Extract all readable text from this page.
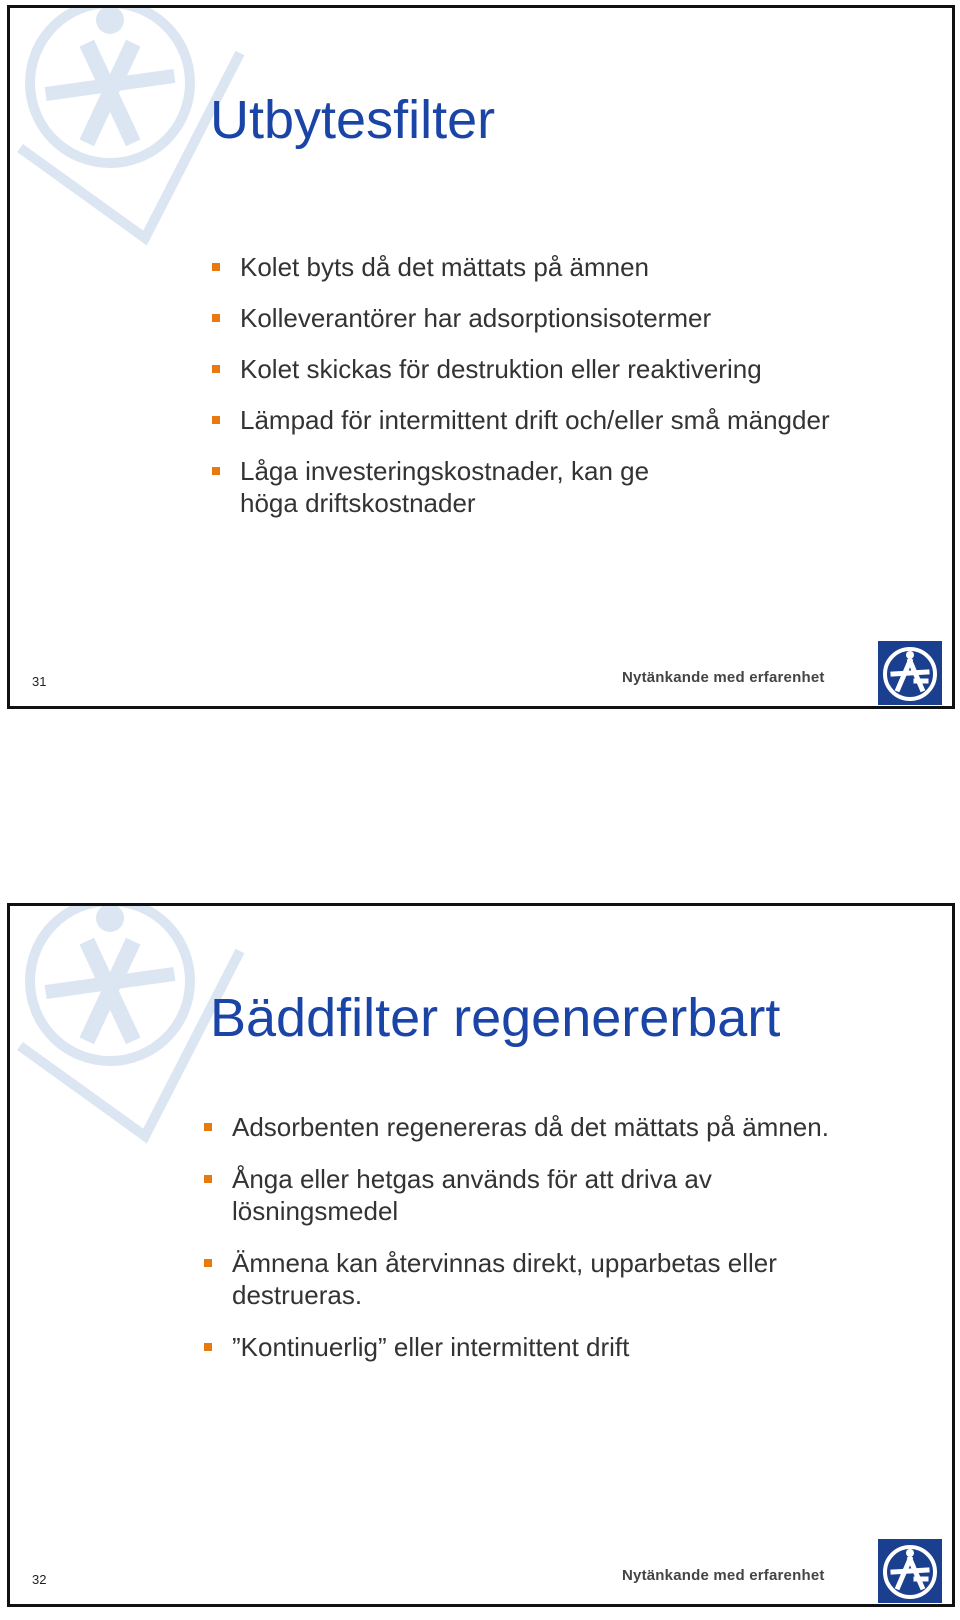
Utbytesfilter
Kolet byts då det mättats på ämnen
Kolleverantörer har adsorptionsisotermer
Kolet skickas för destruktion eller reaktivering
Lämpad för intermittent drift och/eller små mängder
Låga investeringskostnader, kan ge höga driftskostnader
31	Nytänkande med erfarenhet
Bäddfilter regenererbart
Adsorbenten regenereras då det mättats på ämnen.
Ånga eller hetgas används för att driva av lösningsmedel
Ämnena kan återvinnas direkt, upparbetas eller destrueras.
”Kontinuerlig” eller intermittent drift
32	Nytänkande med erfarenhet
